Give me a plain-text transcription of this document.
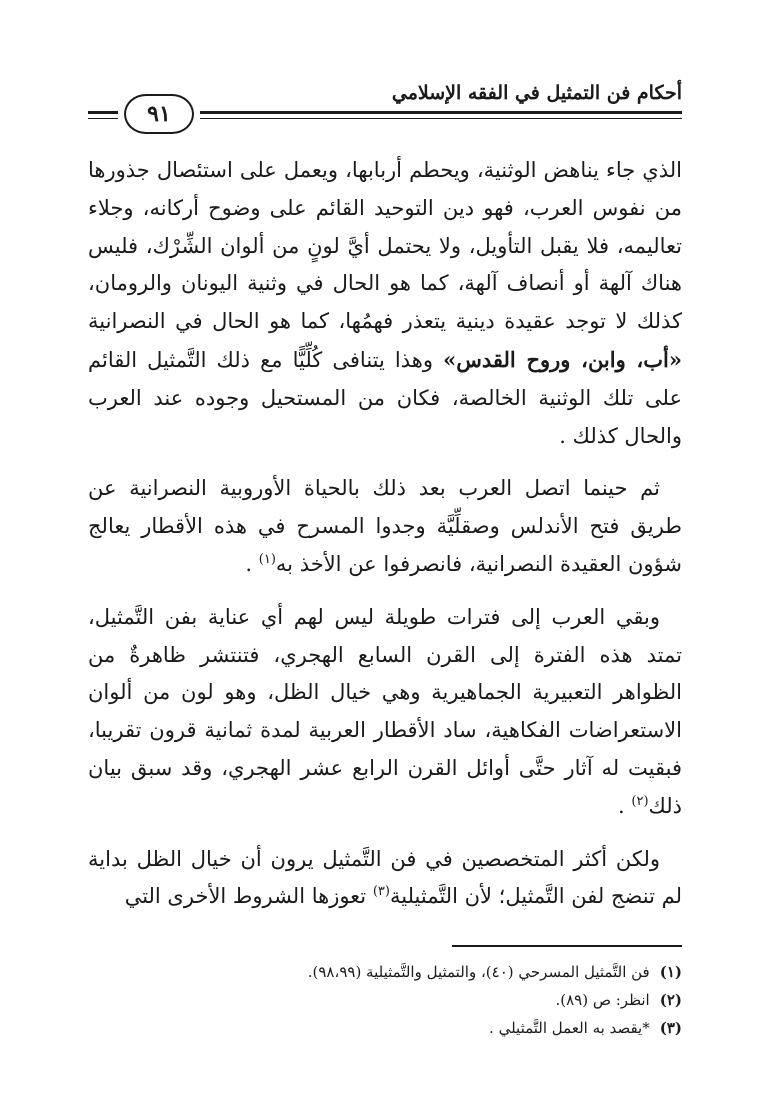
أحكام فن التمثيل في الفقه الإسلامي
٩١

الذي جاء يناهض الوثنية، ويحطم أربابها، ويعمل على استئصال جذورها من نفوس العرب، فهو دين التوحيد القائم على وضوح أركانه، وجلاء تعاليمه، فلا يقبل التأويل، ولا يحتمل أيَّ لونٍ من ألوان الشِّرْك، فليس هناك آلهة أو أنصاف آلهة، كما هو الحال في وثنية اليونان والرومان، كذلك لا توجد عقيدة دينية يتعذر فهمُها، كما هو الحال في النصرانية «أب، وابن، وروح القدس» وهذا يتنافى كُلِّيًّا مع ذلك التَّمثيل القائم على تلك الوثنية الخالصة، فكان من المستحيل وجوده عند العرب والحال كذلك .

ثم حينما اتصل العرب بعد ذلك بالحياة الأوروبية النصرانية عن طريق فتح الأندلس وصقلِّيَّة وجدوا المسرح في هذه الأقطار يعالج شؤون العقيدة النصرانية، فانصرفوا عن الأخذ به$^{(١)}$ .

وبقي العرب إلى فترات طويلة ليس لهم أي عناية بفن التَّمثيل، تمتد هذه الفترة إلى القرن السابع الهجري، فتنتشر ظاهرةٌ من الظواهر التعبيرية الجماهيرية وهي خيال الظل، وهو لون من ألوان الاستعراضات الفكاهية، ساد الأقطار العربية لمدة ثمانية قرون تقريبا، فبقيت له آثار حتَّى أوائل القرن الرابع عشر الهجري، وقد سبق بيان ذلك$^{(٢)}$ .

ولكن أكثر المتخصصين في فن التَّمثيل يرون أن خيال الظل بداية لم تنضج لفن التَّمثيل؛ لأن التَّمثيلية$^{(٣)}$ تعوزها الشروط الأخرى التي

(١)
فن التَّمثيل المسرحي (٤٠)، والتمثيل والتَّمثيلية (٩٨،٩٩).
(٢)
انظر: ص (٨٩).
(٣)
*يقصد به العمل التَّمثيلي .
